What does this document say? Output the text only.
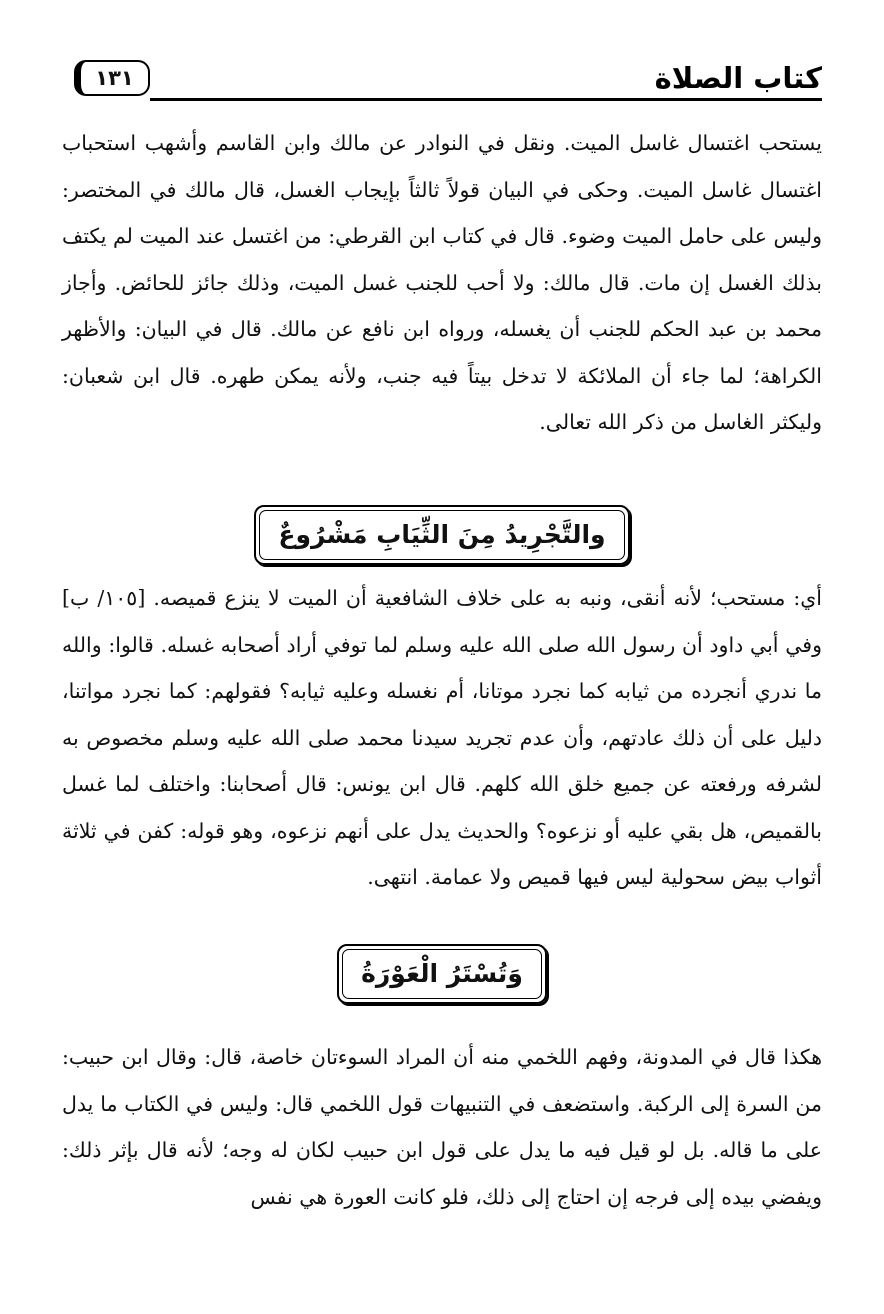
كتاب الصلاة
١٣١
يستحب اغتسال غاسل الميت. ونقل في النوادر عن مالك وابن القاسم وأشهب استحباب اغتسال غاسل الميت. وحكى في البيان قولاً ثالثاً بإيجاب الغسل، قال مالك في المختصر: وليس على حامل الميت وضوء. قال في كتاب ابن القرطي: من اغتسل عند الميت لم يكتف بذلك الغسل إن مات. قال مالك: ولا أحب للجنب غسل الميت، وذلك جائز للحائض. وأجاز محمد بن عبد الحكم للجنب أن يغسله، ورواه ابن نافع عن مالك. قال في البيان: والأظهر الكراهة؛ لما جاء أن الملائكة لا تدخل بيتاً فيه جنب، ولأنه يمكن طهره. قال ابن شعبان: وليكثر الغاسل من ذكر الله تعالى.
والتَّجْرِيدُ مِنَ الثِّيَابِ مَشْرُوعٌ
أي: مستحب؛ لأنه أنقى، ونبه به على خلاف الشافعية أن الميت لا ينزع قميصه. [١٠٥/ ب] وفي أبي داود أن رسول الله صلى الله عليه وسلم لما توفي أراد أصحابه غسله. قالوا: والله ما ندري أنجرده من ثيابه كما نجرد موتانا، أم نغسله وعليه ثيابه؟ فقولهم: كما نجرد مواتنا، دليل على أن ذلك عادتهم، وأن عدم تجريد سيدنا محمد صلى الله عليه وسلم مخصوص به لشرفه ورفعته عن جميع خلق الله كلهم. قال ابن يونس: قال أصحابنا: واختلف لما غسل بالقميص، هل بقي عليه أو نزعوه؟ والحديث يدل على أنهم نزعوه، وهو قوله: كفن في ثلاثة أثواب بيض سحولية ليس فيها قميص ولا عمامة. انتهى.
وَتُسْتَرُ الْعَوْرَةُ
هكذا قال في المدونة، وفهم اللخمي منه أن المراد السوءتان خاصة، قال: وقال ابن حبيب: من السرة إلى الركبة. واستضعف في التنبيهات قول اللخمي قال: وليس في الكتاب ما يدل على ما قاله. بل لو قيل فيه ما يدل على قول ابن حبيب لكان له وجه؛ لأنه قال بإثر ذلك: ويفضي بيده إلى فرجه إن احتاج إلى ذلك، فلو كانت العورة هي نفس
